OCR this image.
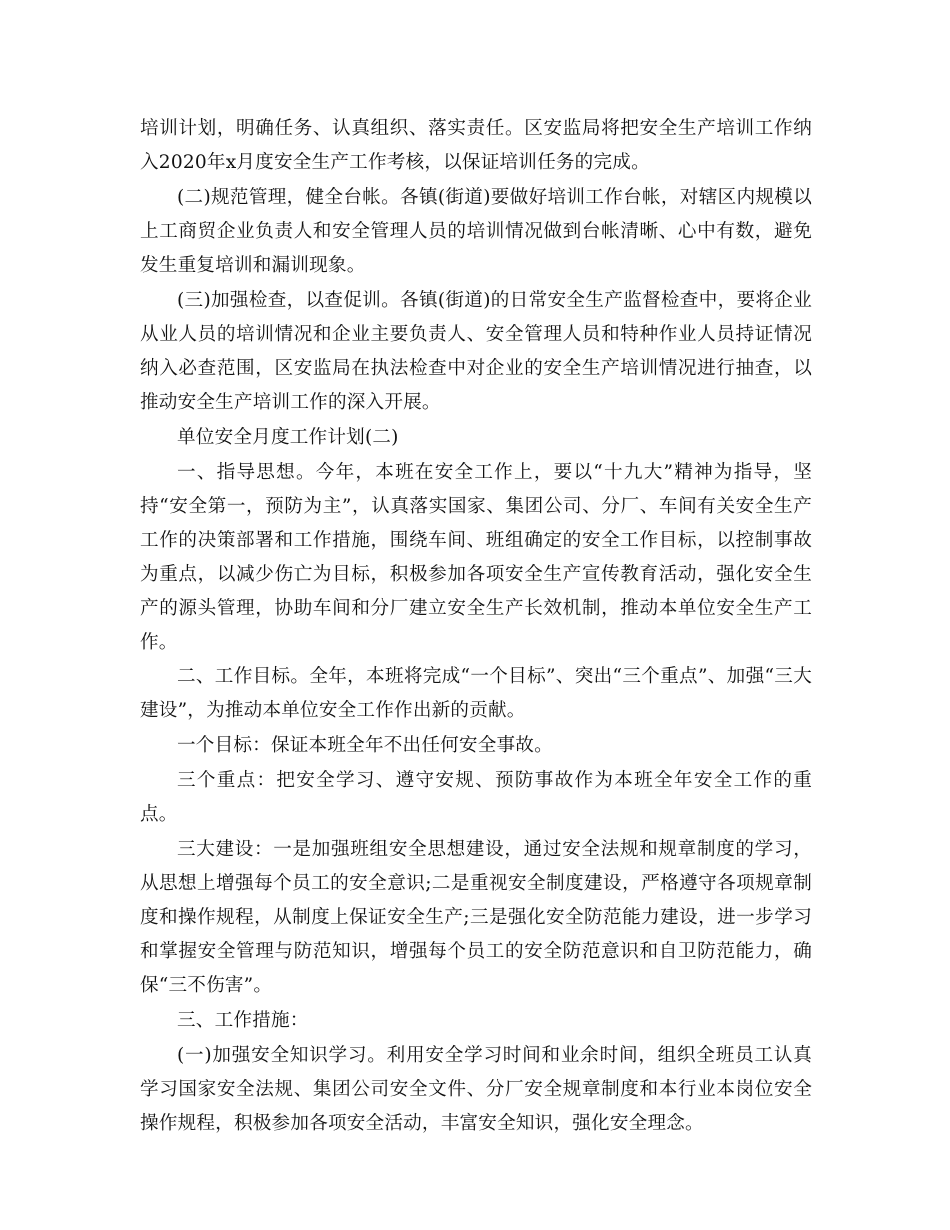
培训计划，明确任务、认真组织、落实责任。区安监局将把安全生产培训工作纳入2020年x月度安全生产工作考核，以保证培训任务的完成。

(二)规范管理，健全台帐。各镇(街道)要做好培训工作台帐，对辖区内规模以上工商贸企业负责人和安全管理人员的培训情况做到台帐清晰、心中有数，避免发生重复培训和漏训现象。

(三)加强检查，以查促训。各镇(街道)的日常安全生产监督检查中，要将企业从业人员的培训情况和企业主要负责人、安全管理人员和特种作业人员持证情况纳入必查范围，区安监局在执法检查中对企业的安全生产培训情况进行抽查，以推动安全生产培训工作的深入开展。

单位安全月度工作计划(二)

一、指导思想。今年，本班在安全工作上，要以“十九大”精神为指导，坚持“安全第一，预防为主”，认真落实国家、集团公司、分厂、车间有关安全生产工作的决策部署和工作措施，围绕车间、班组确定的安全工作目标，以控制事故为重点，以减少伤亡为目标，积极参加各项安全生产宣传教育活动，强化安全生产的源头管理，协助车间和分厂建立安全生产长效机制，推动本单位安全生产工作。

二、工作目标。全年，本班将完成“一个目标”、突出“三个重点”、加强“三大建设”，为推动本单位安全工作作出新的贡献。

一个目标：保证本班全年不出任何安全事故。

三个重点：把安全学习、遵守安规、预防事故作为本班全年安全工作的重点。

三大建设：一是加强班组安全思想建设，通过安全法规和规章制度的学习，从思想上增强每个员工的安全意识;二是重视安全制度建设，严格遵守各项规章制度和操作规程，从制度上保证安全生产;三是强化安全防范能力建设，进一步学习和掌握安全管理与防范知识，增强每个员工的安全防范意识和自卫防范能力，确保“三不伤害”。

三、工作措施：

(一)加强安全知识学习。利用安全学习时间和业余时间，组织全班员工认真学习国家安全法规、集团公司安全文件、分厂安全规章制度和本行业本岗位安全操作规程，积极参加各项安全活动，丰富安全知识，强化安全理念。
